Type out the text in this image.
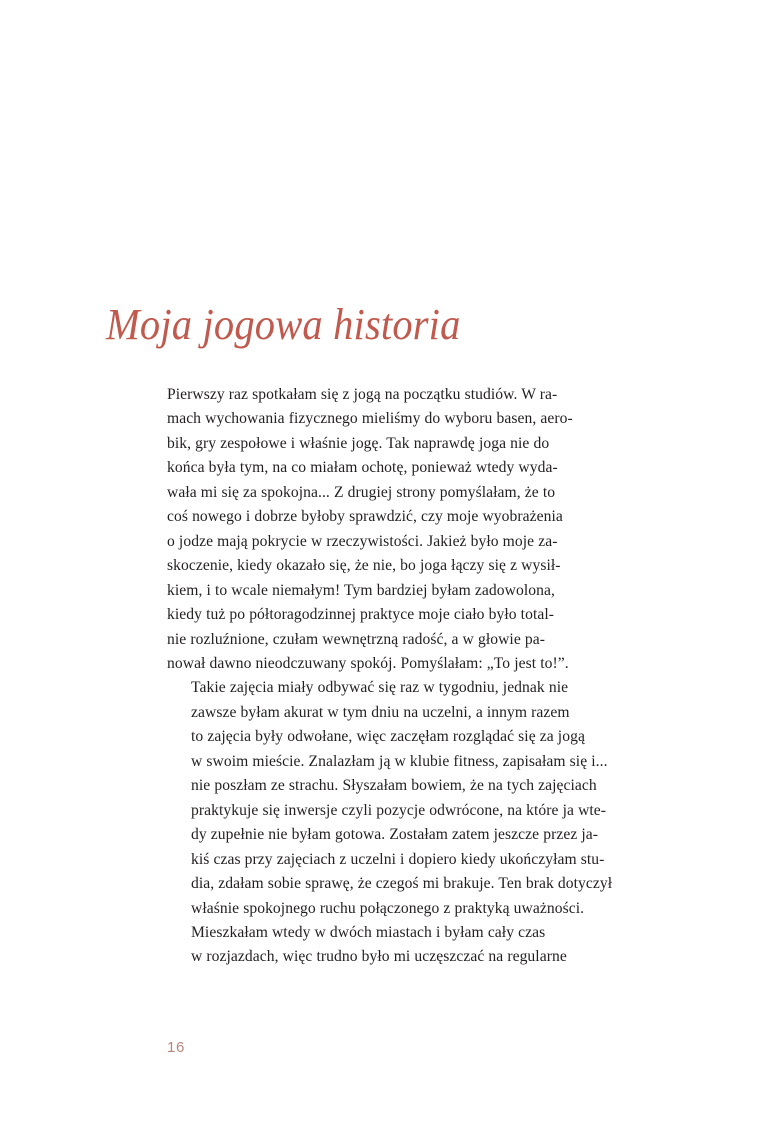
Moja jogowa historia

Pierwszy raz spotkałam się z jogą na początku studiów. W ra-
mach wychowania fizycznego mieliśmy do wyboru basen, aero-
bik, gry zespołowe i właśnie jogę. Tak naprawdę joga nie do
końca była tym, na co miałam ochotę, ponieważ wtedy wyda-
wała mi się za spokojna... Z drugiej strony pomyślałam, że to
coś nowego i dobrze byłoby sprawdzić, czy moje wyobrażenia
o jodze mają pokrycie w rzeczywistości. Jakież było moje za-
skoczenie, kiedy okazało się, że nie, bo joga łączy się z wysił-
kiem, i to wcale niemałym! Tym bardziej byłam zadowolona,
kiedy tuż po półtoragodzinnej praktyce moje ciało było total-
nie rozluźnione, czułam wewnętrzną radość, a w głowie pa-
nował dawno nieodczuwany spokój. Pomyślałam: „To jest to!”.

Takie zajęcia miały odbywać się raz w tygodniu, jednak nie
zawsze byłam akurat w tym dniu na uczelni, a innym razem
to zajęcia były odwołane, więc zaczęłam rozglądać się za jogą
w swoim mieście. Znalazłam ją w klubie fitness, zapisałam się i...
nie poszłam ze strachu. Słyszałam bowiem, że na tych zajęciach
praktykuje się inwersje czyli pozycje odwrócone, na które ja wte-
dy zupełnie nie byłam gotowa. Zostałam zatem jeszcze przez ja-
kiś czas przy zajęciach z uczelni i dopiero kiedy ukończyłam stu-
dia, zdałam sobie sprawę, że czegoś mi brakuje. Ten brak dotyczył
właśnie spokojnego ruchu połączonego z praktyką uważności.

Mieszkałam wtedy w dwóch miastach i byłam cały czas
w rozjazdach, więc trudno było mi uczęszczać na regularne

16
